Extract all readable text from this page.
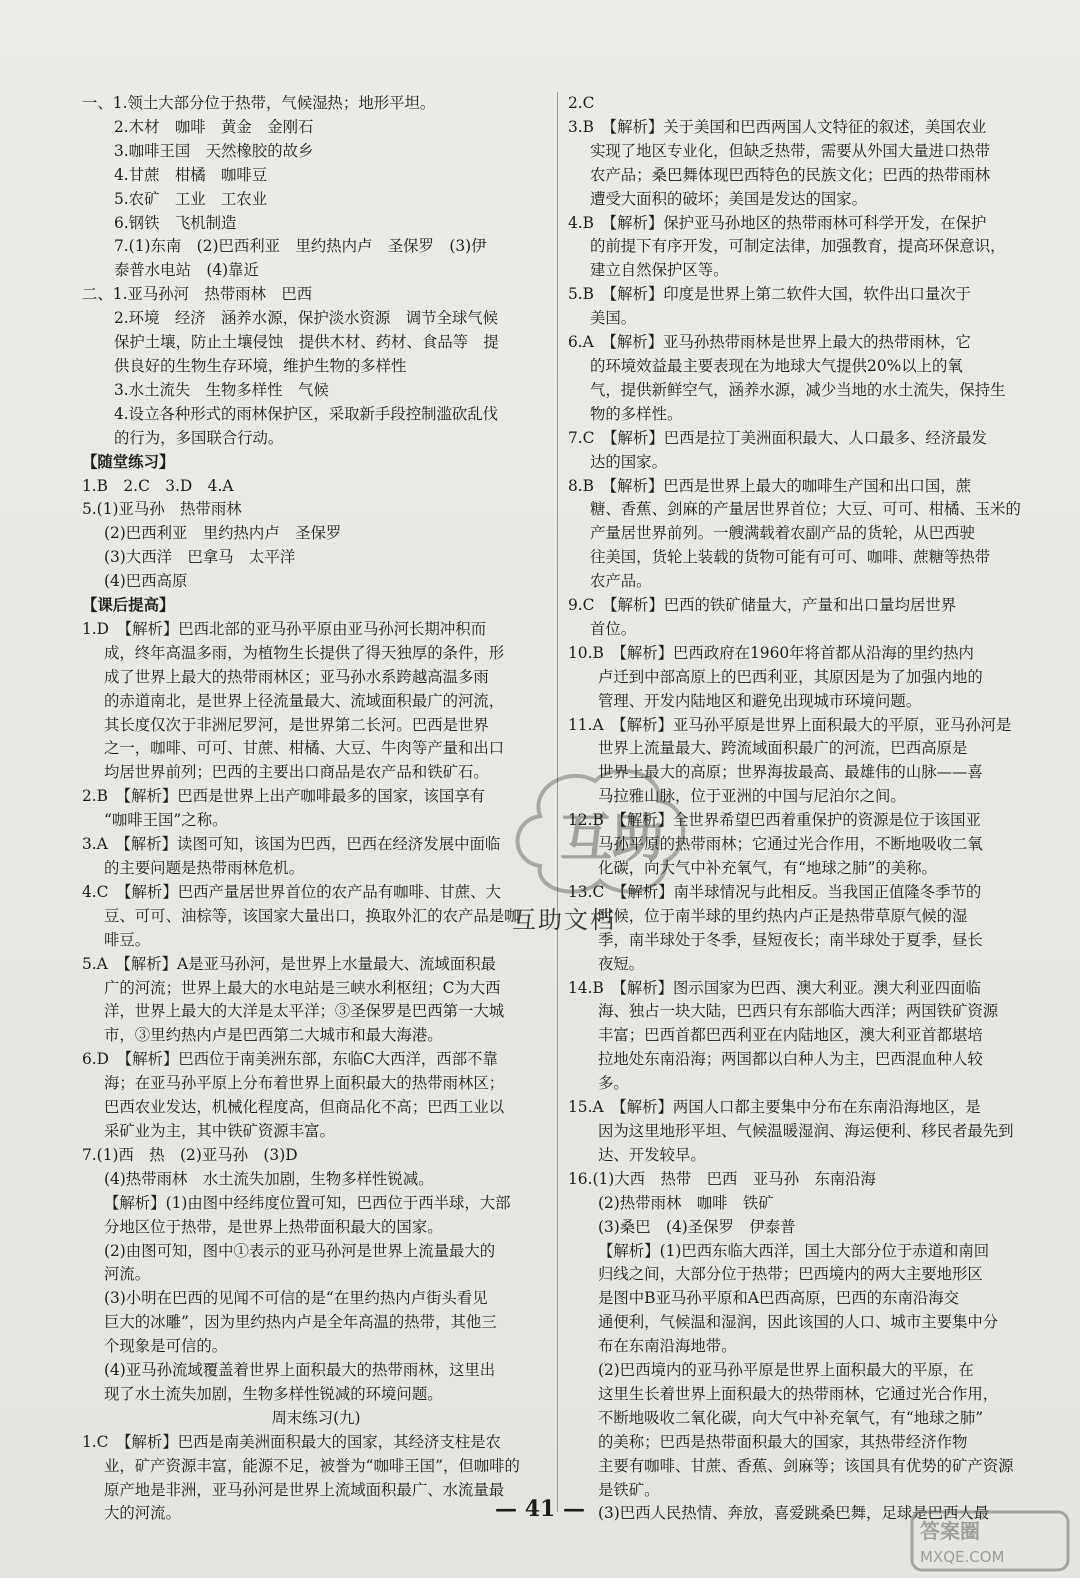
一、1.领土大部分位于热带，气候湿热；地形平坦。
2.木材　咖啡　黄金　金刚石
3.咖啡王国　天然橡胶的故乡
4.甘蔗　柑橘　咖啡豆
5.农矿　工业　工农业
6.钢铁　飞机制造
7.(1)东南　(2)巴西利亚　里约热内卢　圣保罗　(3)伊
泰普水电站　(4)靠近
二、1.亚马孙河　热带雨林　巴西
2.环境　经济　涵养水源，保护淡水资源　调节全球气候
保护土壤，防止土壤侵蚀　提供木材、药材、食品等　提
供良好的生物生存环境，维护生物的多样性
3.水土流失　生物多样性　气候
4.设立各种形式的雨林保护区，采取新手段控制滥砍乱伐
的行为，多国联合行动。
【随堂练习】
1.B　2.C　3.D　4.A
5.(1)亚马孙　热带雨林
(2)巴西利亚　里约热内卢　圣保罗
(3)大西洋　巴拿马　太平洋
(4)巴西高原
【课后提高】
1.D　【解析】巴西北部的亚马孙平原由亚马孙河长期冲积而
成，终年高温多雨，为植物生长提供了得天独厚的条件，形
成了世界上最大的热带雨林区；亚马孙水系跨越高温多雨
的赤道南北，是世界上径流量最大、流域面积最广的河流，
其长度仅次于非洲尼罗河，是世界第二长河。巴西是世界
之一，咖啡、可可、甘蔗、柑橘、大豆、牛肉等产量和出口
均居世界前列；巴西的主要出口商品是农产品和铁矿石。
2.B　【解析】巴西是世界上出产咖啡最多的国家，该国享有
“咖啡王国”之称。
3.A　【解析】读图可知，该国为巴西，巴西在经济发展中面临
的主要问题是热带雨林危机。
4.C　【解析】巴西产量居世界首位的农产品有咖啡、甘蔗、大
豆、可可、油棕等，该国家大量出口，换取外汇的农产品是咖
啡豆。
5.A　【解析】A是亚马孙河，是世界上水量最大、流域面积最
广的河流；世界上最大的水电站是三峡水利枢纽；C为大西
洋，世界上最大的大洋是太平洋；③圣保罗是巴西第一大城
市，③里约热内卢是巴西第二大城市和最大海港。
6.D　【解析】巴西位于南美洲东部，东临C大西洋，西部不靠
海；在亚马孙平原上分布着世界上面积最大的热带雨林区；
巴西农业发达，机械化程度高，但商品化不高；巴西工业以
采矿业为主，其中铁矿资源丰富。
7.(1)西　热　(2)亚马孙　(3)D
(4)热带雨林　水土流失加剧，生物多样性锐减。
【解析】(1)由图中经纬度位置可知，巴西位于西半球，大部
分地区位于热带，是世界上热带面积最大的国家。
(2)由图可知，图中①表示的亚马孙河是世界上流量最大的
河流。
(3)小明在巴西的见闻不可信的是“在里约热内卢街头看见
巨大的冰雕”，因为里约热内卢是全年高温的热带，其他三
个现象是可信的。
(4)亚马孙流域覆盖着世界上面积最大的热带雨林，这里出
现了水土流失加剧，生物多样性锐减的环境问题。
周末练习(九)
1.C　【解析】巴西是南美洲面积最大的国家，其经济支柱是农
业，矿产资源丰富，能源不足，被誉为“咖啡王国”，但咖啡的
原产地是非洲，亚马孙河是世界上流域面积最广、水流量最
大的河流。
2.C
3.B　【解析】关于美国和巴西两国人文特征的叙述，美国农业
实现了地区专业化，但缺乏热带，需要从外国大量进口热带
农产品；桑巴舞体现巴西特色的民族文化；巴西的热带雨林
遭受大面积的破坏；美国是发达的国家。
4.B　【解析】保护亚马孙地区的热带雨林可科学开发，在保护
的前提下有序开发，可制定法律，加强教育，提高环保意识，
建立自然保护区等。
5.B　【解析】印度是世界上第二软件大国，软件出口量次于
美国。
6.A　【解析】亚马孙热带雨林是世界上最大的热带雨林，它
的环境效益最主要表现在为地球大气提供20%以上的氧
气，提供新鲜空气，涵养水源，减少当地的水土流失，保持生
物的多样性。
7.C　【解析】巴西是拉丁美洲面积最大、人口最多、经济最发
达的国家。
8.B　【解析】巴西是世界上最大的咖啡生产国和出口国，蔗
糖、香蕉、剑麻的产量居世界首位；大豆、可可、柑橘、玉米的
产量居世界前列。一艘满载着农副产品的货轮，从巴西驶
往美国，货轮上装载的货物可能有可可、咖啡、蔗糖等热带
农产品。
9.C　【解析】巴西的铁矿储量大，产量和出口量均居世界
首位。
10.B　【解析】巴西政府在1960年将首都从沿海的里约热内
卢迁到中部高原上的巴西利亚，其原因是为了加强内地的
管理、开发内陆地区和避免出现城市环境问题。
11.A　【解析】亚马孙平原是世界上面积最大的平原，亚马孙河是
世界上流量最大、跨流域面积最广的河流，巴西高原是
世界上最大的高原；世界海拔最高、最雄伟的山脉——喜
马拉雅山脉，位于亚洲的中国与尼泊尔之间。
12.B　【解析】全世界希望巴西着重保护的资源是位于该国亚
马孙平原的热带雨林；它通过光合作用，不断地吸收二氧
化碳，向大气中补充氧气，有“地球之肺”的美称。
13.C　【解析】南半球情况与此相反。当我国正值隆冬季节的
时候，位于南半球的里约热内卢正是热带草原气候的湿
季，南半球处于冬季，昼短夜长；南半球处于夏季，昼长
夜短。
14.B　【解析】图示国家为巴西、澳大利亚。澳大利亚四面临
海、独占一块大陆，巴西只有东部临大西洋；两国铁矿资源
丰富；巴西首都巴西利亚在内陆地区，澳大利亚首都堪培
拉地处东南沿海；两国都以白种人为主，巴西混血种人较
多。
15.A　【解析】两国人口都主要集中分布在东南沿海地区，是
因为这里地形平坦、气候温暖湿润、海运便利、移民者最先到
达、开发较早。
16.(1)大西　热带　巴西　亚马孙　东南沿海
(2)热带雨林　咖啡　铁矿
(3)桑巴　(4)圣保罗　伊泰普
【解析】(1)巴西东临大西洋，国土大部分位于赤道和南回
归线之间，大部分位于热带；巴西境内的两大主要地形区
是图中B亚马孙平原和A巴西高原，巴西的东南沿海交
通便利，气候温和湿润，因此该国的人口、城市主要集中分
布在东南沿海地带。
(2)巴西境内的亚马孙平原是世界上面积最大的平原，在
这里生长着世界上面积最大的热带雨林，它通过光合作用，
不断地吸收二氧化碳，向大气中补充氧气，有“地球之肺”
的美称；巴西是热带面积最大的国家，其热带经济作物
主要有咖啡、甘蔗、香蕉、剑麻等；该国具有优势的矿产资源
是铁矿。
(3)巴西人民热情、奔放，喜爱跳桑巴舞，足球是巴西人最
互助
互助文档
— 41 —
答案圈
MXQE.COM
